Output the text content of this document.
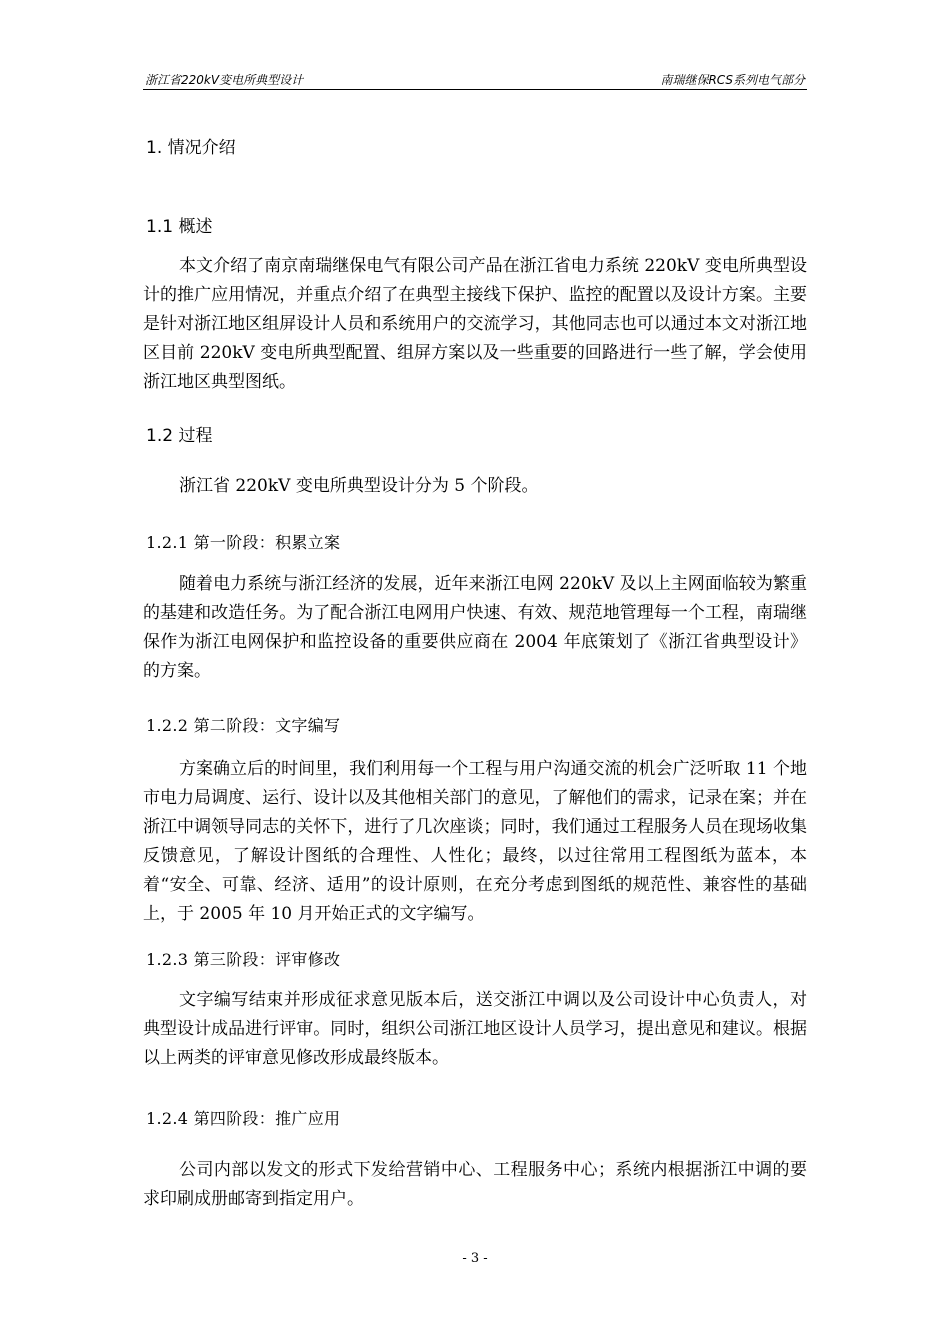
浙江省220kV变电所典型设计	南瑞继保RCS系列电气部分
1. 情况介绍
1.1 概述

本文介绍了南京南瑞继保电气有限公司产品在浙江省电力系统 220kV 变电所典型设计的推广应用情况，并重点介绍了在典型主接线下保护、监控的配置以及设计方案。主要是针对浙江地区组屏设计人员和系统用户的交流学习，其他同志也可以通过本文对浙江地区目前 220kV 变电所典型配置、组屏方案以及一些重要的回路进行一些了解，学会使用浙江地区典型图纸。

1.2 过程

浙江省 220kV 变电所典型设计分为 5 个阶段。

1.2.1 第一阶段：积累立案

随着电力系统与浙江经济的发展，近年来浙江电网 220kV 及以上主网面临较为繁重的基建和改造任务。为了配合浙江电网用户快速、有效、规范地管理每一个工程，南瑞继保作为浙江电网保护和监控设备的重要供应商在 2004 年底策划了《浙江省典型设计》的方案。

1.2.2 第二阶段：文字编写

方案确立后的时间里，我们利用每一个工程与用户沟通交流的机会广泛听取 11 个地市电力局调度、运行、设计以及其他相关部门的意见，了解他们的需求，记录在案；并在浙江中调领导同志的关怀下，进行了几次座谈；同时，我们通过工程服务人员在现场收集反馈意见，了解设计图纸的合理性、人性化；最终，以过往常用工程图纸为蓝本，本着“安全、可靠、经济、适用”的设计原则，在充分考虑到图纸的规范性、兼容性的基础上，于 2005 年 10 月开始正式的文字编写。

1.2.3 第三阶段：评审修改

文字编写结束并形成征求意见版本后，送交浙江中调以及公司设计中心负责人，对典型设计成品进行评审。同时，组织公司浙江地区设计人员学习，提出意见和建议。根据以上两类的评审意见修改形成最终版本。

1.2.4 第四阶段：推广应用

公司内部以发文的形式下发给营销中心、工程服务中心；系统内根据浙江中调的要求印刷成册邮寄到指定用户。

- 3 -
